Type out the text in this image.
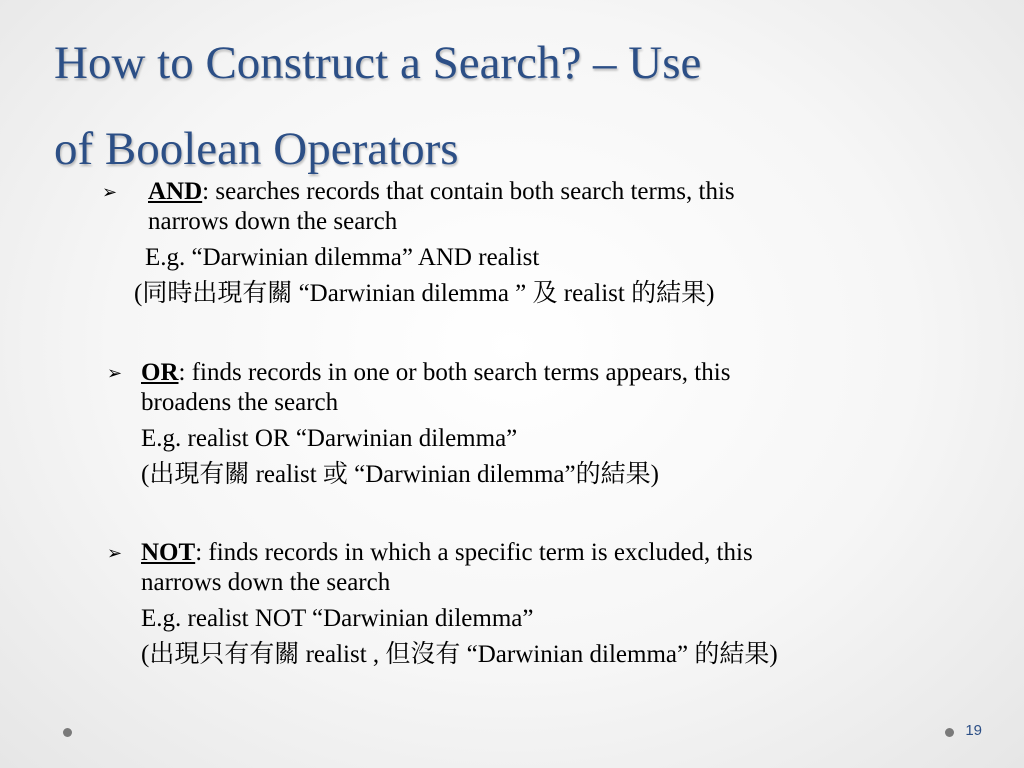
How to Construct a Search? – Use
of Boolean Operators
➢ AND: searches records that contain both search terms, this
narrows down the search
E.g. “Darwinian dilemma” AND realist
(同時出現有關 “Darwinian dilemma ” 及 realist 的結果)
➢ OR: finds records in one or both search terms appears, this
broadens the search
E.g. realist OR “Darwinian dilemma”
(出現有關 realist 或 “Darwinian dilemma”的結果)
➢ NOT: finds records in which a specific term is excluded, this
narrows down the search
E.g. realist NOT “Darwinian dilemma”
(出現只有有關 realist , 但沒有 “Darwinian dilemma” 的結果)
19
